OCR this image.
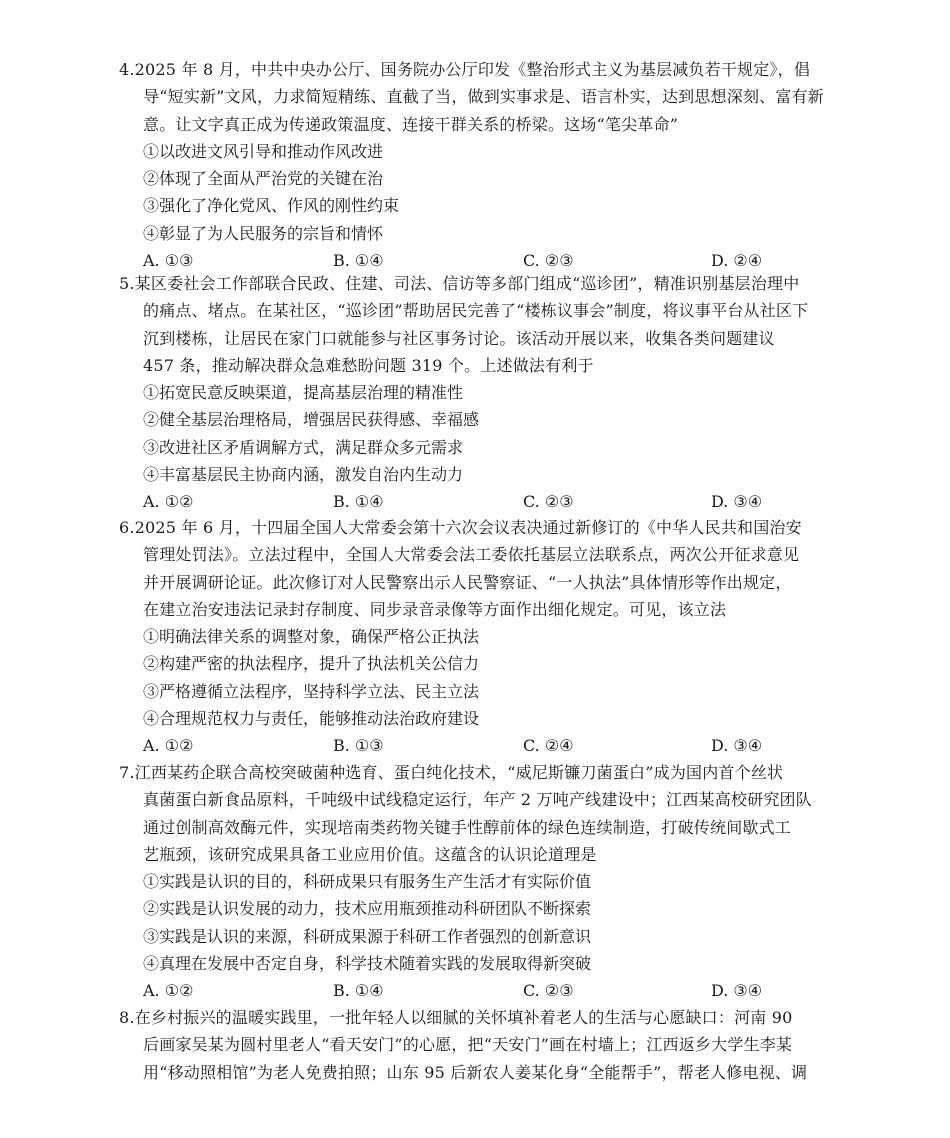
4.2025 年 8 月，中共中央办公厅、国务院办公厅印发《整治形式主义为基层减负若干规定》，倡
导“短实新”文风，力求简短精练、直截了当，做到实事求是、语言朴实，达到思想深刻、富有新
意。让文字真正成为传递政策温度、连接干群关系的桥梁。这场“笔尖革命”

①以改进文风引导和推动作风改进
②体现了全面从严治党的关键在治
③强化了净化党风、作风的刚性约束
④彰显了为人民服务的宗旨和情怀
A. ①③	B. ①④	C. ②③	D. ②④

5.某区委社会工作部联合民政、住建、司法、信访等多部门组成“巡诊团”，精准识别基层治理中
的痛点、堵点。在某社区，“巡诊团”帮助居民完善了“楼栋议事会”制度，将议事平台从社区下
沉到楼栋，让居民在家门口就能参与社区事务讨论。该活动开展以来，收集各类问题建议
457 条，推动解决群众急难愁盼问题 319 个。上述做法有利于

①拓宽民意反映渠道，提高基层治理的精准性
②健全基层治理格局，增强居民获得感、幸福感
③改进社区矛盾调解方式，满足群众多元需求
④丰富基层民主协商内涵，激发自治内生动力
A. ①②	B. ①④	C. ②③	D. ③④

6.2025 年 6 月，十四届全国人大常委会第十六次会议表决通过新修订的《中华人民共和国治安
管理处罚法》。立法过程中，全国人大常委会法工委依托基层立法联系点，两次公开征求意见
并开展调研论证。此次修订对人民警察出示人民警察证、“一人执法”具体情形等作出规定，
在建立治安违法记录封存制度、同步录音录像等方面作出细化规定。可见，该立法

①明确法律关系的调整对象，确保严格公正执法
②构建严密的执法程序，提升了执法机关公信力
③严格遵循立法程序，坚持科学立法、民主立法
④合理规范权力与责任，能够推动法治政府建设
A. ①②	B. ①③	C. ②④	D. ③④

7.江西某药企联合高校突破菌种选育、蛋白纯化技术，“威尼斯镰刀菌蛋白”成为国内首个丝状
真菌蛋白新食品原料，千吨级中试线稳定运行，年产 2 万吨产线建设中；江西某高校研究团队
通过创制高效酶元件，实现培南类药物关键手性醇前体的绿色连续制造，打破传统间歇式工
艺瓶颈，该研究成果具备工业应用价值。这蕴含的认识论道理是

①实践是认识的目的，科研成果只有服务生产生活才有实际价值
②实践是认识发展的动力，技术应用瓶颈推动科研团队不断探索
③实践是认识的来源，科研成果源于科研工作者强烈的创新意识
④真理在发展中否定自身，科学技术随着实践的发展取得新突破
A. ①②	B. ①④	C. ②③	D. ③④

8.在乡村振兴的温暖实践里，一批年轻人以细腻的关怀填补着老人的生活与心愿缺口：河南 90
后画家吴某为圆村里老人“看天安门”的心愿，把“天安门”画在村墙上；江西返乡大学生李某
用“移动照相馆”为老人免费拍照；山东 95 后新农人姜某化身“全能帮手”，帮老人修电视、调
